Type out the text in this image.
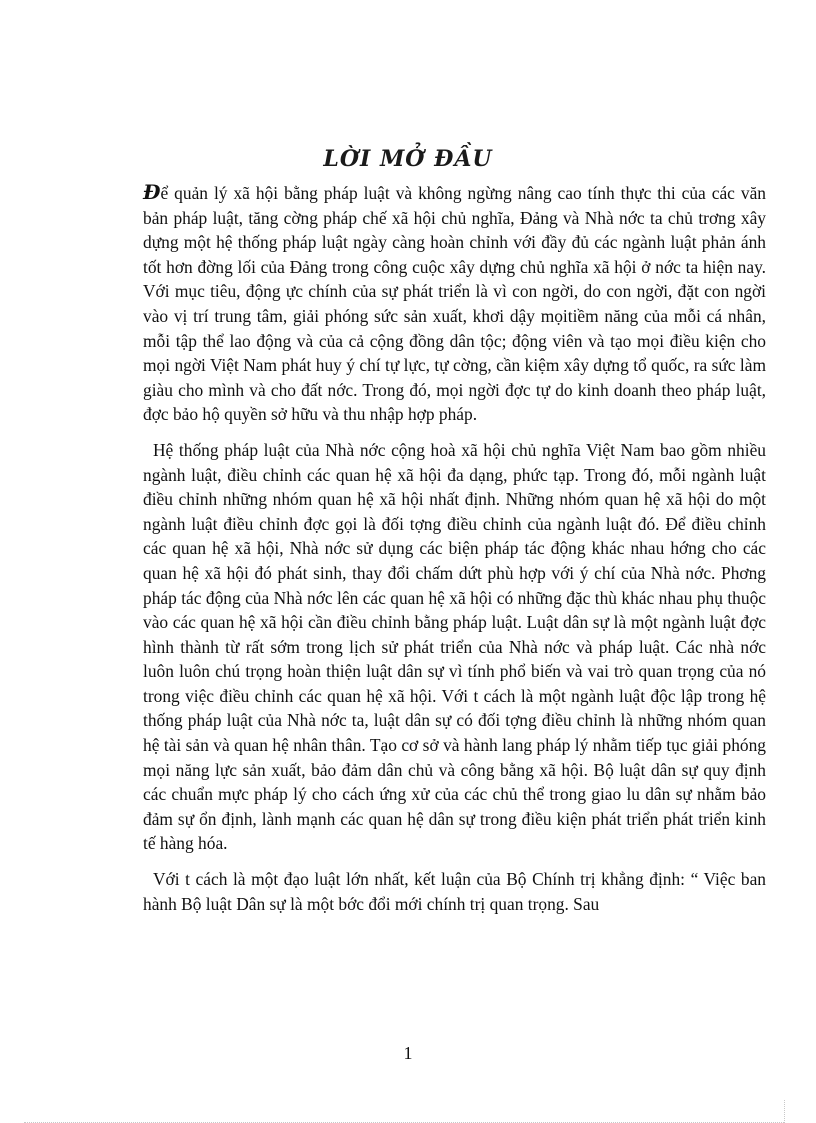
LỜI MỞ ĐẦU

Để quản lý xã hội bằng pháp luật và không ngừng nâng cao tính thực thi của các văn bản pháp luật, tăng cờng pháp chế xã hội chủ nghĩa, Đảng và Nhà nớc ta chủ trơng xây dựng một hệ thống pháp luật ngày càng hoàn chỉnh với đầy đủ các ngành luật phản ánh tốt hơn đờng lối của Đảng trong công cuộc xây dựng chủ nghĩa xã hội ở nớc ta hiện nay. Với mục tiêu, động ực chính của sự phát triển là vì con ngời, do con ngời, đặt con ngời vào vị trí trung tâm, giải phóng sức sản xuất, khơi dậy mọitiềm năng của mỗi cá nhân, mỗi tập thể lao động và của cả cộng đồng dân tộc; động viên và tạo mọi điều kiện cho mọi ngời Việt Nam phát huy ý chí tự lực, tự cờng, cần kiệm xây dựng tổ quốc, ra sức làm giàu cho mình và cho đất nớc. Trong đó, mọi ngời đợc tự do kinh doanh theo pháp luật, đợc bảo hộ quyền sở hữu và thu nhập hợp pháp.

Hệ thống pháp luật của Nhà nớc cộng hoà xã hội chủ nghĩa Việt Nam bao gồm nhiều ngành luật, điều chỉnh các quan hệ xã hội đa dạng, phức tạp. Trong đó, mỗi ngành luật điều chỉnh những nhóm quan hệ xã hội nhất định. Những nhóm quan hệ xã hội do một ngành luật điều chỉnh đợc gọi là đối tợng điều chỉnh của ngành luật đó. Để điều chỉnh các quan hệ xã hội, Nhà nớc sử dụng các biện pháp tác động khác nhau hớng cho các quan hệ xã hội đó phát sinh, thay đổi chấm dứt phù hợp với ý chí của Nhà nớc. Phơng pháp tác động của Nhà nớc lên các quan hệ xã hội có những đặc thù khác nhau phụ thuộc vào các quan hệ xã hội cần điều chỉnh bằng pháp luật. Luật dân sự là một ngành luật đợc hình thành từ rất sớm trong lịch sử phát triển của Nhà nớc và pháp luật. Các nhà nớc luôn luôn chú trọng hoàn thiện luật dân sự vì tính phổ biến và vai trò quan trọng của nó trong việc điều chỉnh các quan hệ xã hội. Với t cách là một ngành luật độc lập trong hệ thống pháp luật của Nhà nớc ta, luật dân sự có đối tợng điều chỉnh là những nhóm quan hệ tài sản và quan hệ nhân thân. Tạo cơ sở và hành lang pháp lý nhằm tiếp tục giải phóng mọi năng lực sản xuất, bảo đảm dân chủ và công bằng xã hội. Bộ luật dân sự quy định các chuẩn mực pháp lý cho cách ứng xử của các chủ thể trong giao lu dân sự nhằm bảo đảm sự ổn định, lành mạnh các quan hệ dân sự trong điều kiện phát triển phát triển kinh tế hàng hóa.

Với t cách là một đạo luật lớn nhất, kết luận của Bộ Chính trị khẳng định: “ Việc ban hành Bộ luật Dân sự là một bớc đổi mới chính trị quan trọng. Sau

1
